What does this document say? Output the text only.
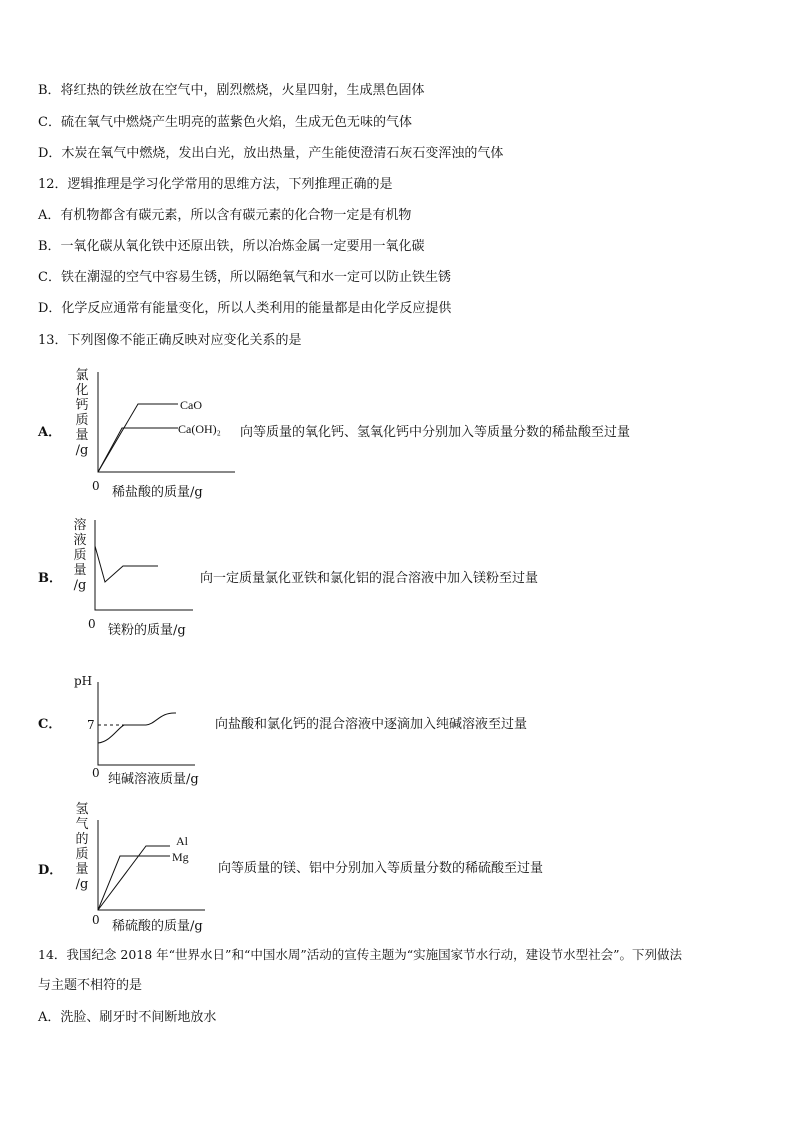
B．将红热的铁丝放在空气中，剧烈燃烧，火星四射，生成黑色固体
C．硫在氧气中燃烧产生明亮的蓝紫色火焰，生成无色无味的气体
D．木炭在氧气中燃烧，发出白光，放出热量，产生能使澄清石灰石变浑浊的气体
12．逻辑推理是学习化学常用的思维方法，下列推理正确的是
A．有机物都含有碳元素，所以含有碳元素的化合物一定是有机物
B．一氧化碳从氧化铁中还原出铁，所以冶炼金属一定要用一氧化碳
C．铁在潮湿的空气中容易生锈，所以隔绝氧气和水一定可以防止铁生锈
D．化学反应通常有能量变化，所以人类利用的能量都是由化学反应提供
13．下列图像不能正确反映对应变化关系的是
A．
氯
化
钙
质
量
/g
CaO
Ca(OH)₂
0 稀盐酸的质量/g
向等质量的氧化钙、氢氧化钙中分别加入等质量分数的稀盐酸至过量
B．
溶
液
质
量
/g
0 镁粉的质量/g
向一定质量氯化亚铁和氯化铝的混合溶液中加入镁粉至过量
C．
pH
7
0 纯碱溶液质量/g
向盐酸和氯化钙的混合溶液中逐滴加入纯碱溶液至过量
D．
氢
气
的
质
量
/g
Al
Mg
0 稀硫酸的质量/g
向等质量的镁、铝中分别加入等质量分数的稀硫酸至过量
14．我国纪念 2018 年“世界水日”和“中国水周”活动的宣传主题为“实施国家节水行动，建设节水型社会”。下列做法
与主题不相符的是
A．洗脸、刷牙时不间断地放水
